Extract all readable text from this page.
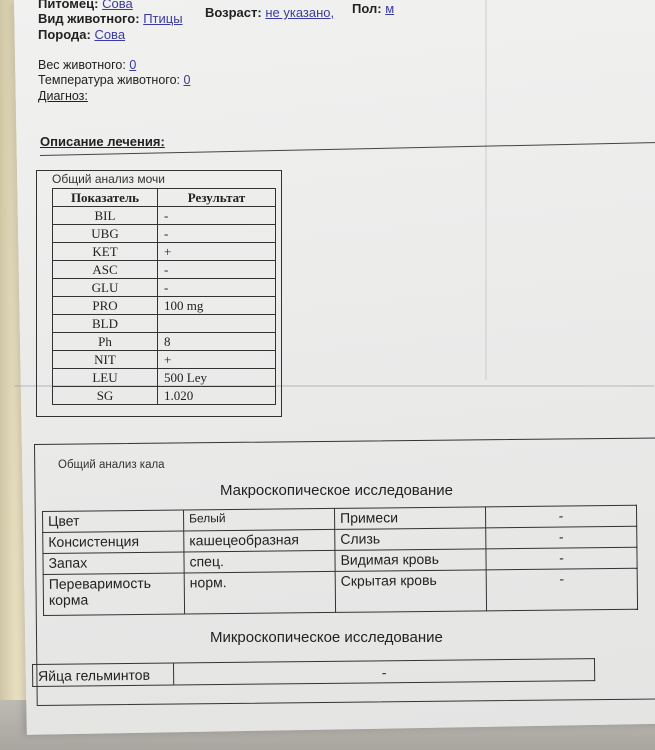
Питомец: Сова
Вид животного: Птицы Возраст: не указано, Пол: м
Порода: Сова
Вес животного: 0
Температура животного: 0
Диагноз:
Описание лечения:
Общий анализ мочи
Показатель	Результат
BIL	-
UBG	-
KET	+
ASC	-
GLU	-
PRO	100 mg
BLD	
Ph	8
NIT	+
LEU	500 Ley
SG	1.020
Общий анализ кала
Макроскопическое исследование
Цвет	Белый	Примеси	-
Консистенция	кашецеобразная	Слизь	-
Запах	спец.	Видимая кровь	-
Переваримость корма	норм.	Скрытая кровь	-
Микроскопическое исследование
Яйца гельминтов	-
